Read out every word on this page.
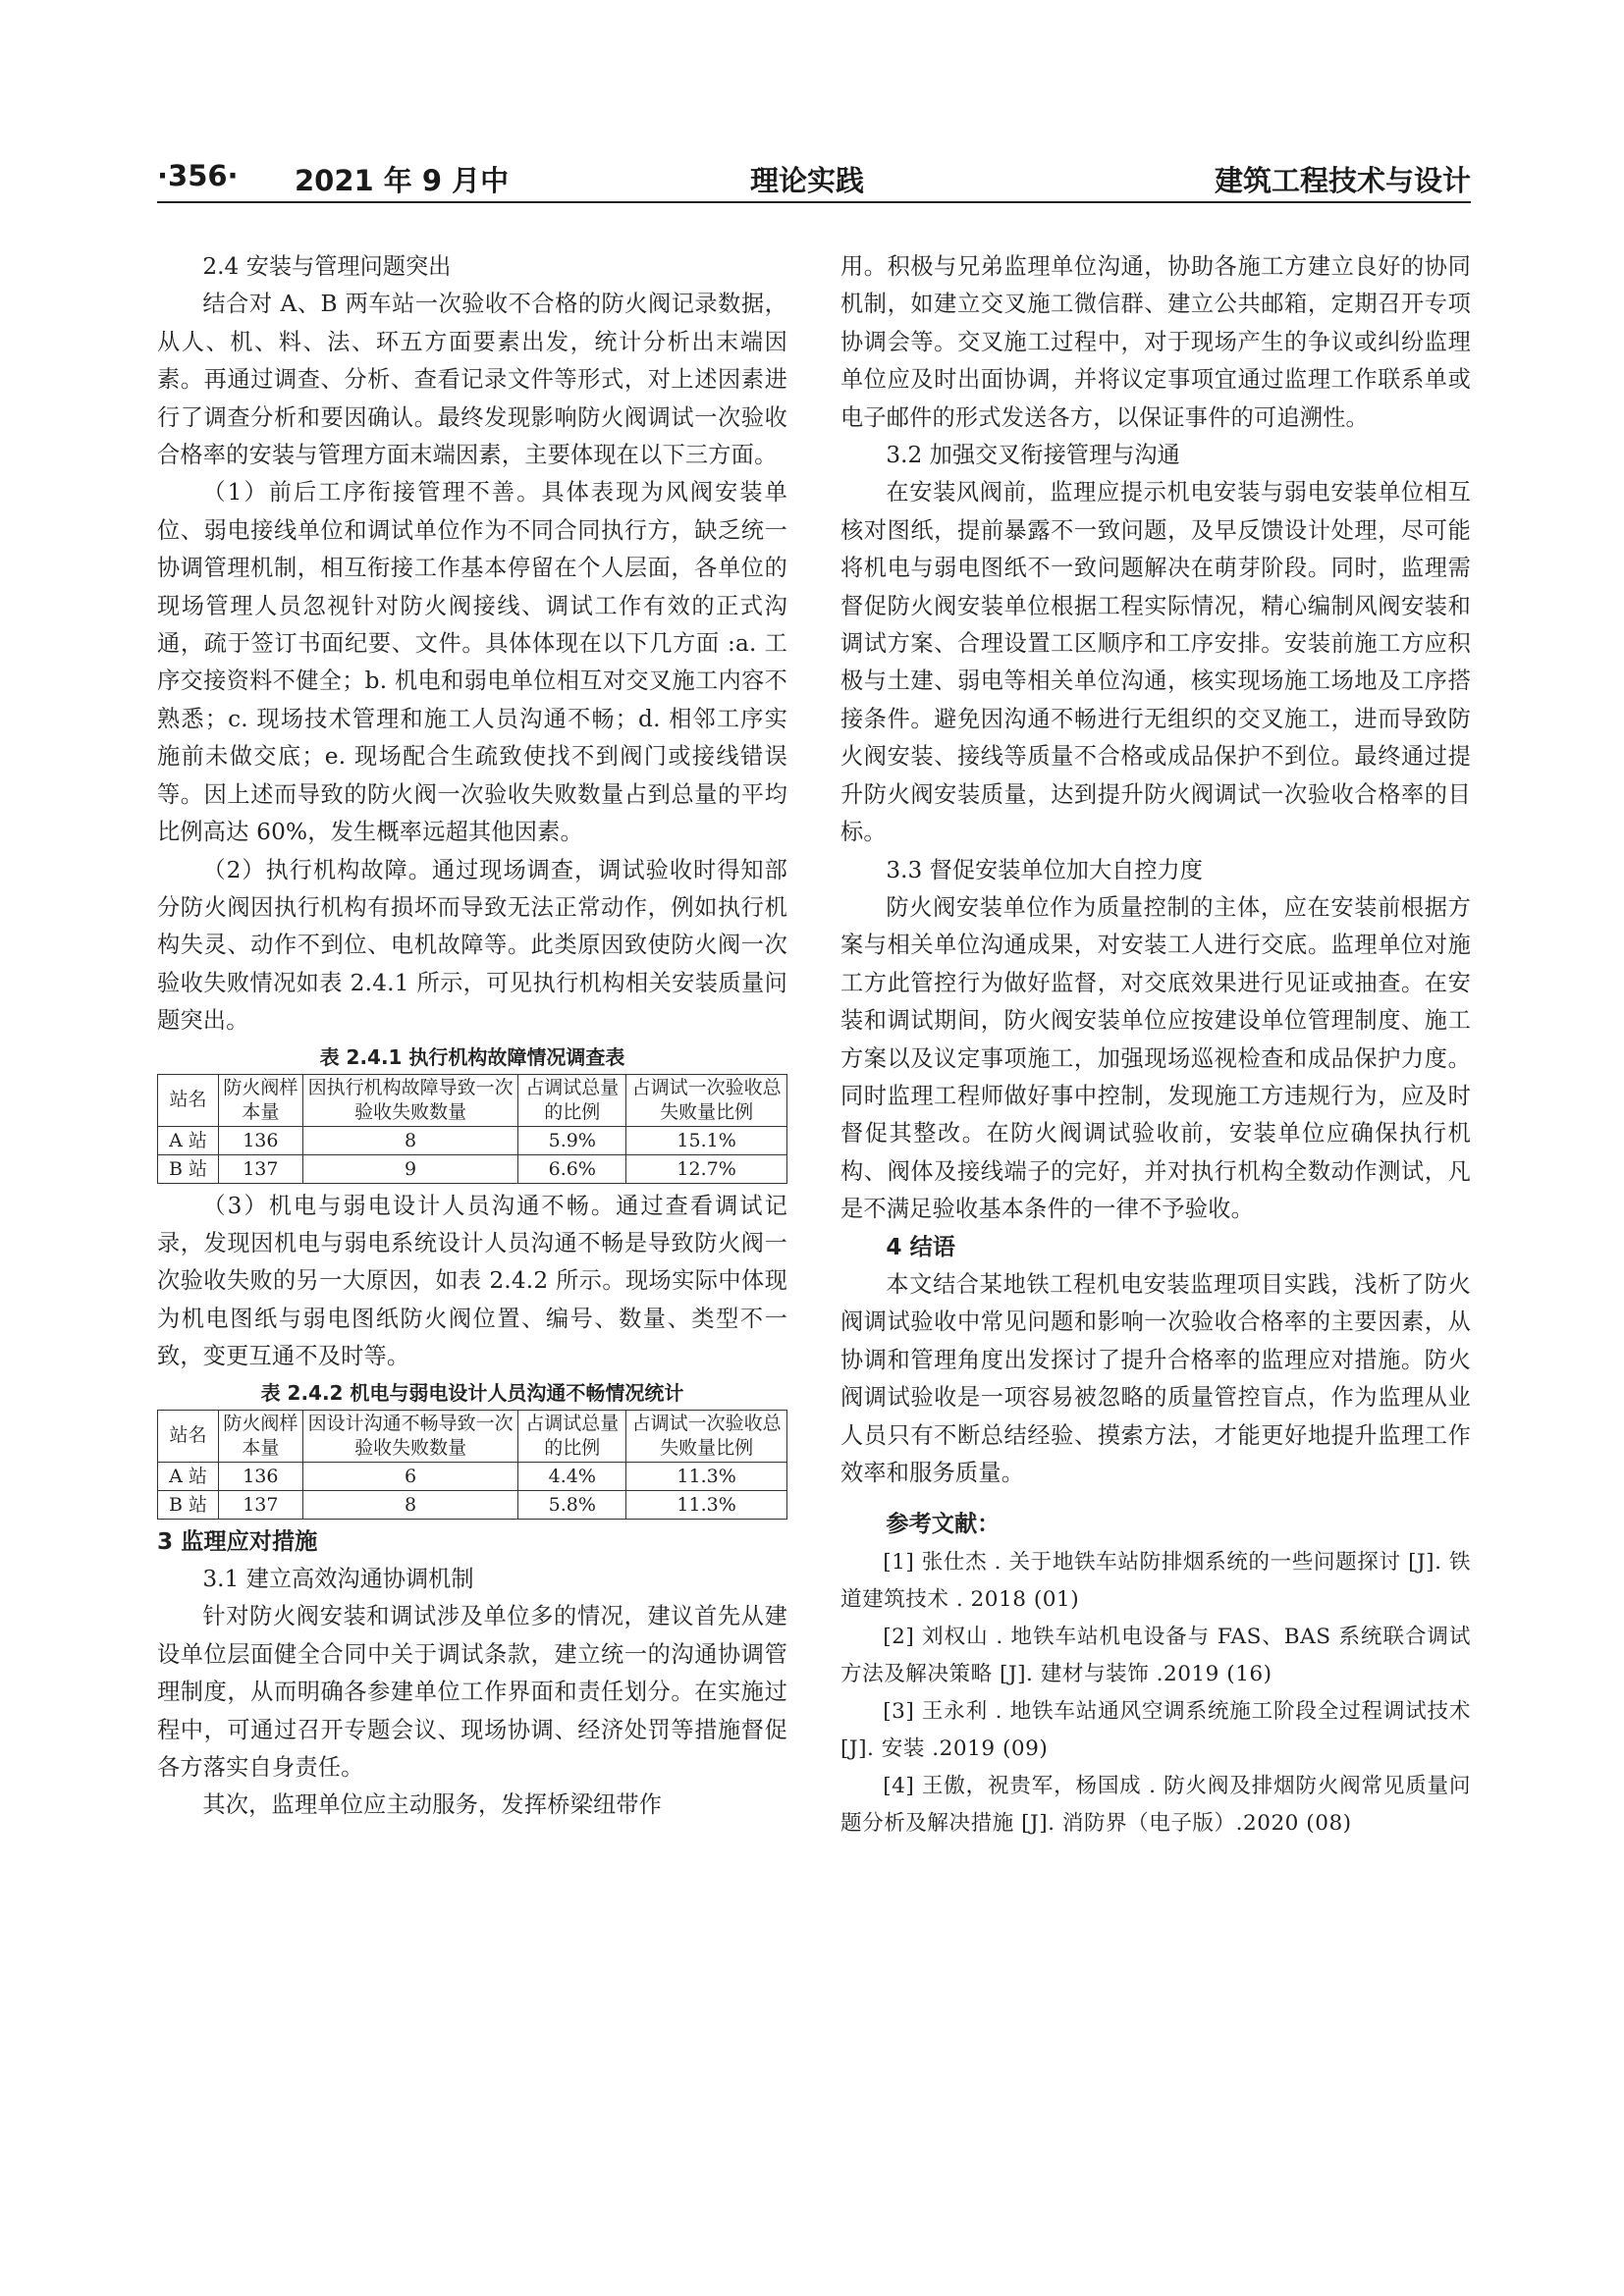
·356· 2021 年 9 月中	理论实践	建筑工程技术与设计

2.4 安装与管理问题突出

结合对 A、B 两车站一次验收不合格的防火阀记录数据，从人、机、料、法、环五方面要素出发，统计分析出末端因素。再通过调查、分析、查看记录文件等形式，对上述因素进行了调查分析和要因确认。最终发现影响防火阀调试一次验收合格率的安装与管理方面末端因素，主要体现在以下三方面。

（1）前后工序衔接管理不善。具体表现为风阀安装单位、弱电接线单位和调试单位作为不同合同执行方，缺乏统一协调管理机制，相互衔接工作基本停留在个人层面，各单位的现场管理人员忽视针对防火阀接线、调试工作有效的正式沟通，疏于签订书面纪要、文件。具体体现在以下几方面 :a. 工序交接资料不健全；b. 机电和弱电单位相互对交叉施工内容不熟悉；c. 现场技术管理和施工人员沟通不畅；d. 相邻工序实施前未做交底；e. 现场配合生疏致使找不到阀门或接线错误等。因上述而导致的防火阀一次验收失败数量占到总量的平均比例高达 60%，发生概率远超其他因素。

（2）执行机构故障。通过现场调查，调试验收时得知部分防火阀因执行机构有损坏而导致无法正常动作，例如执行机构失灵、动作不到位、电机故障等。此类原因致使防火阀一次验收失败情况如表 2.4.1 所示，可见执行机构相关安装质量问题突出。

表 2.4.1 执行机构故障情况调查表

站名	防火阀样本量	因执行机构故障导致一次验收失败数量	占调试总量的比例	占调试一次验收总失败量比例
A 站	136	8	5.9%	15.1%
B 站	137	9	6.6%	12.7%

（3）机电与弱电设计人员沟通不畅。通过查看调试记录，发现因机电与弱电系统设计人员沟通不畅是导致防火阀一次验收失败的另一大原因，如表 2.4.2 所示。现场实际中体现为机电图纸与弱电图纸防火阀位置、编号、数量、类型不一致，变更互通不及时等。

表 2.4.2 机电与弱电设计人员沟通不畅情况统计

站名	防火阀样本量	因设计沟通不畅导致一次验收失败数量	占调试总量的比例	占调试一次验收总失败量比例
A 站	136	6	4.4%	11.3%
B 站	137	8	5.8%	11.3%

3 监理应对措施

3.1 建立高效沟通协调机制

针对防火阀安装和调试涉及单位多的情况，建议首先从建设单位层面健全合同中关于调试条款，建立统一的沟通协调管理制度，从而明确各参建单位工作界面和责任划分。在实施过程中，可通过召开专题会议、现场协调、经济处罚等措施督促各方落实自身责任。

其次，监理单位应主动服务，发挥桥梁纽带作

用。积极与兄弟监理单位沟通，协助各施工方建立良好的协同机制，如建立交叉施工微信群、建立公共邮箱，定期召开专项协调会等。交叉施工过程中，对于现场产生的争议或纠纷监理单位应及时出面协调，并将议定事项宜通过监理工作联系单或电子邮件的形式发送各方，以保证事件的可追溯性。

3.2 加强交叉衔接管理与沟通

在安装风阀前，监理应提示机电安装与弱电安装单位相互核对图纸，提前暴露不一致问题，及早反馈设计处理，尽可能将机电与弱电图纸不一致问题解决在萌芽阶段。同时，监理需督促防火阀安装单位根据工程实际情况，精心编制风阀安装和调试方案、合理设置工区顺序和工序安排。安装前施工方应积极与土建、弱电等相关单位沟通，核实现场施工场地及工序搭接条件。避免因沟通不畅进行无组织的交叉施工，进而导致防火阀安装、接线等质量不合格或成品保护不到位。最终通过提升防火阀安装质量，达到提升防火阀调试一次验收合格率的目标。

3.3 督促安装单位加大自控力度

防火阀安装单位作为质量控制的主体，应在安装前根据方案与相关单位沟通成果，对安装工人进行交底。监理单位对施工方此管控行为做好监督，对交底效果进行见证或抽查。在安装和调试期间，防火阀安装单位应按建设单位管理制度、施工方案以及议定事项施工，加强现场巡视检查和成品保护力度。同时监理工程师做好事中控制，发现施工方违规行为，应及时督促其整改。在防火阀调试验收前，安装单位应确保执行机构、阀体及接线端子的完好，并对执行机构全数动作测试，凡是不满足验收基本条件的一律不予验收。

4 结语

本文结合某地铁工程机电安装监理项目实践，浅析了防火阀调试验收中常见问题和影响一次验收合格率的主要因素，从协调和管理角度出发探讨了提升合格率的监理应对措施。防火阀调试验收是一项容易被忽略的质量管控盲点，作为监理从业人员只有不断总结经验、摸索方法，才能更好地提升监理工作效率和服务质量。

参考文献：

[1] 张仕杰 . 关于地铁车站防排烟系统的一些问题探讨 [J]. 铁道建筑技术 . 2018 (01)

[2] 刘权山 . 地铁车站机电设备与 FAS、BAS 系统联合调试方法及解决策略 [J]. 建材与装饰 .2019 (16)

[3] 王永利 . 地铁车站通风空调系统施工阶段全过程调试技术 [J]. 安装 .2019 (09)

[4] 王傲，祝贵军，杨国成 . 防火阀及排烟防火阀常见质量问题分析及解决措施 [J]. 消防界（电子版）.2020 (08)
